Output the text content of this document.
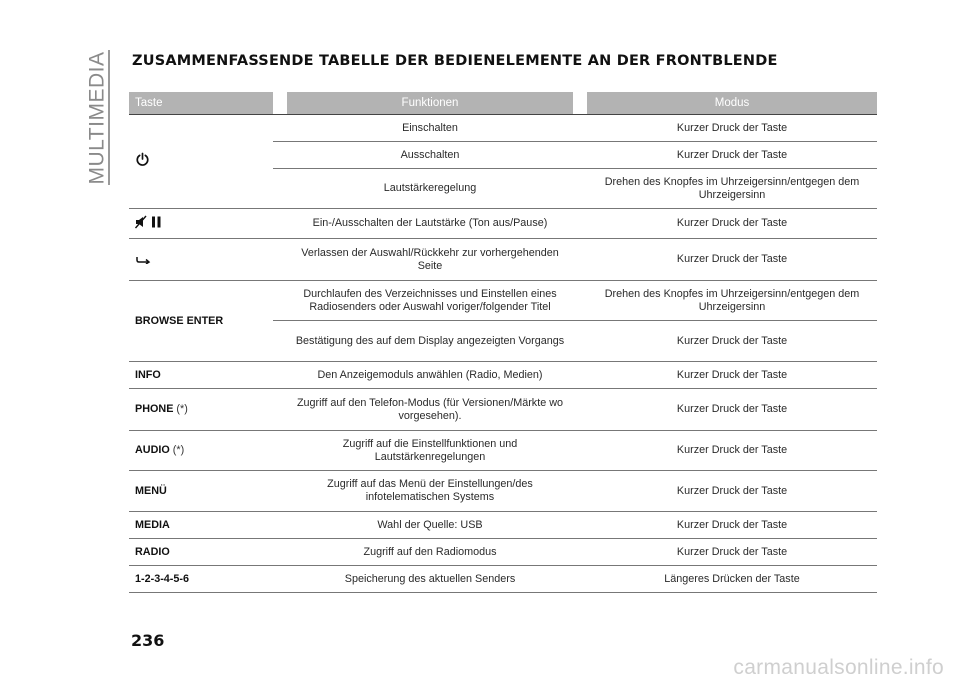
MULTIMEDIA ZUSAMMENFASSENDE TABELLE DER BEDIENELEMENTE AN DER FRONTBLENDE
Taste		Funktionen		Modus
		Einschalten		Kurzer Druck der Taste
		Ausschalten		Kurzer Druck der Taste
		Lautstärkeregelung		Drehen des Knopfes im Uhrzeigersinn/entgegen dem Uhrzeigersinn
		Ein-/Ausschalten der Lautstärke (Ton aus/Pause)		Kurzer Druck der Taste
		Verlassen der Auswahl/Rückkehr zur vorhergehenden Seite		Kurzer Druck der Taste
BROWSE ENTER		Durchlaufen des Verzeichnisses und Einstellen eines Radiosenders oder Auswahl voriger/folgender Titel		Drehen des Knopfes im Uhrzeigersinn/entgegen dem Uhrzeigersinn
		Bestätigung des auf dem Display angezeigten Vorgangs		Kurzer Druck der Taste
INFO		Den Anzeigemoduls anwählen (Radio, Medien)		Kurzer Druck der Taste
PHONE (*)		Zugriff auf den Telefon-Modus (für Versionen/Märkte wo vorgesehen).		Kurzer Druck der Taste
AUDIO (*)		Zugriff auf die Einstellfunktionen und Lautstärkenregelungen		Kurzer Druck der Taste
MENÜ		Zugriff auf das Menü der Einstellungen/des infotelematischen Systems		Kurzer Druck der Taste
MEDIA		Wahl der Quelle: USB		Kurzer Druck der Taste
RADIO		Zugriff auf den Radiomodus		Kurzer Druck der Taste
1-2-3-4-5-6		Speicherung des aktuellen Senders		Längeres Drücken der Taste
236
carmanualsonline.info
